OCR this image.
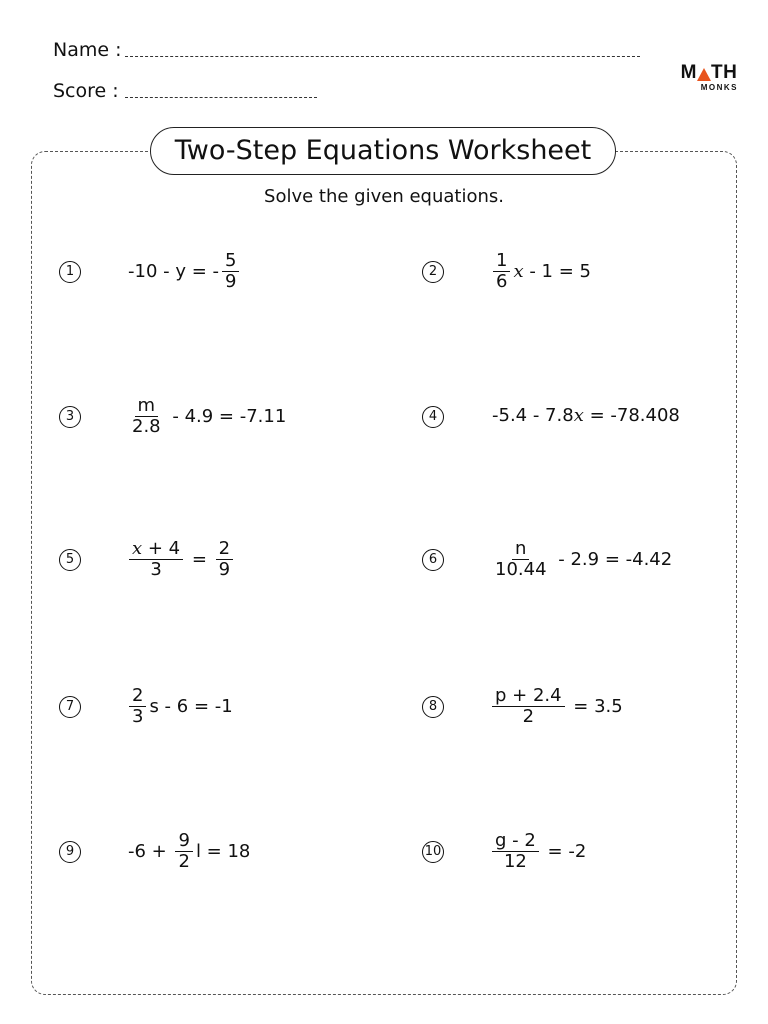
Name :
Score :
M TH
MONKS
Two-Step Equations Worksheet
Solve the given equations.
1	-10 - y = - $\frac{5}{9}$	2	$\frac{1}{6}$ x - 1 = 5
3	$\frac{m}{2.8} - 4.9 = -7.11$	4	-5.4 - 7.8 x = -78.408
5	$\frac{x + 4}{3} = \frac{2}{9}$	6	$\frac{n}{10.44} - 2.9 = -4.42$
7	$\frac{2}{3}$ s - 6 = -1	8	$\frac{p + 2.4}{2} = 3.5$
9	$-6 + \frac{9}{2}$ l = 18	10	$\frac{g - 2}{12} = -2$
